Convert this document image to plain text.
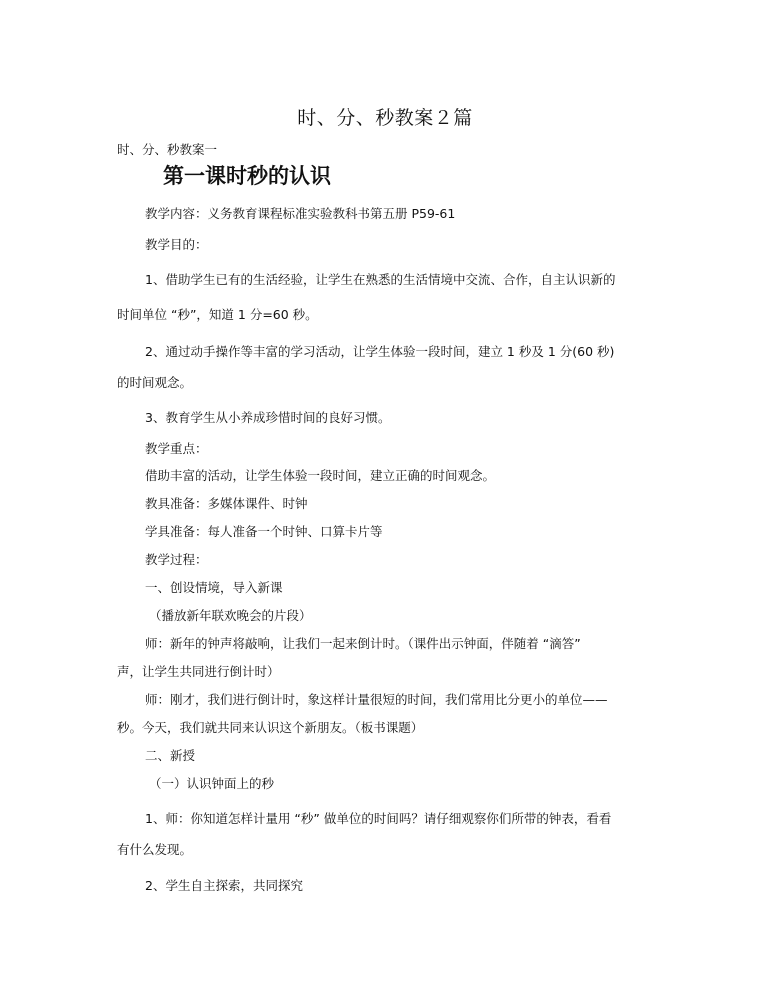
时、分、秒教案２篇
时、分、秒教案一
第一课时秒的认识
教学内容：义务教育课程标准实验教科书第五册 P59-61
教学目的：
1、借助学生已有的生活经验，让学生在熟悉的生活情境中交流、合作，自主认识新的
时间单位 “秒”，知道 1 分=60 秒。
2、通过动手操作等丰富的学习活动，让学生体验一段时间，建立 1 秒及 1 分(60 秒)
的时间观念。
3、教育学生从小养成珍惜时间的良好习惯。
教学重点：
借助丰富的活动，让学生体验一段时间，建立正确的时间观念。
教具准备：多媒体课件、时钟
学具准备：每人准备一个时钟、口算卡片等
教学过程：
一、创设情境，导入新课
（播放新年联欢晚会的片段）
师：新年的钟声将敲响，让我们一起来倒计时。（课件出示钟面，伴随着 “滴答”
声，让学生共同进行倒计时）
师：刚才，我们进行倒计时，象这样计量很短的时间，我们常用比分更小的单位——
秒。今天，我们就共同来认识这个新朋友。（板书课题）
二、新授
（一）认识钟面上的秒
1、师：你知道怎样计量用 “秒” 做单位的时间吗？请仔细观察你们所带的钟表，看看
有什么发现。
2、学生自主探索，共同探究
